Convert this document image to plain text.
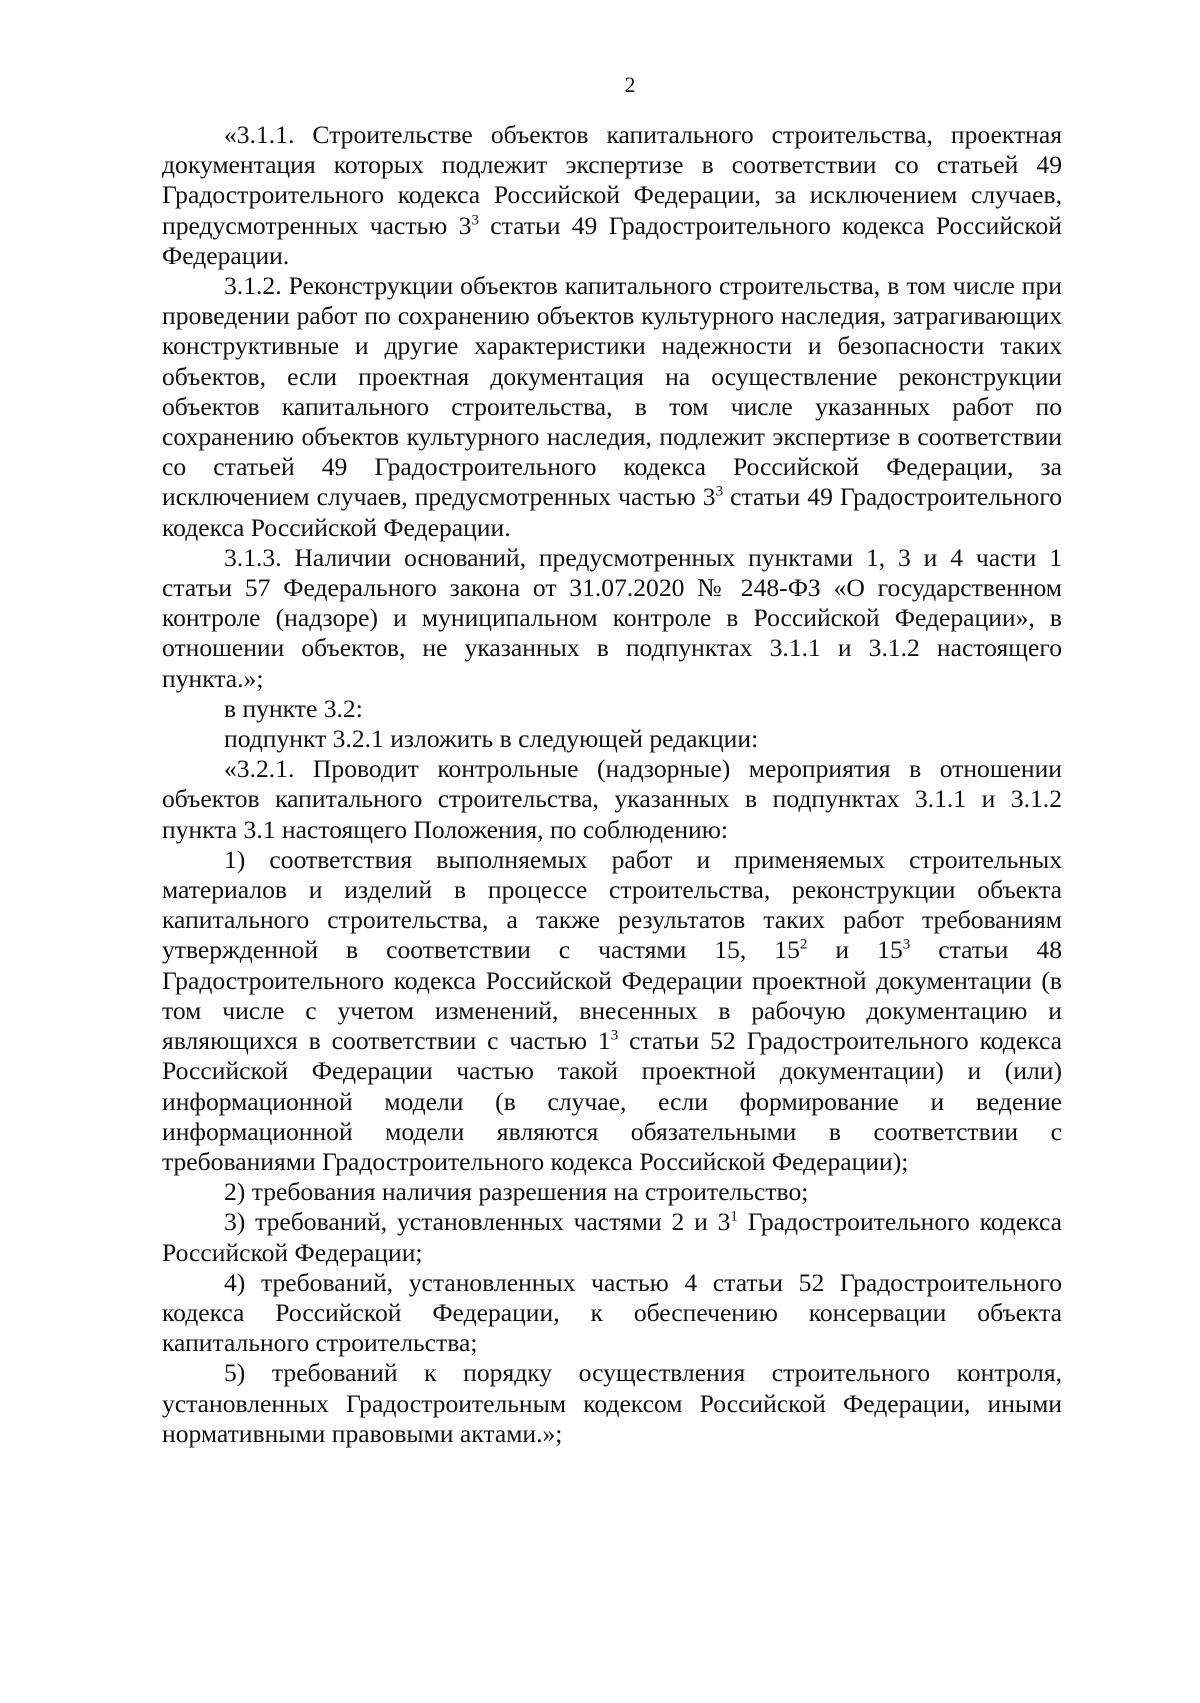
2

«3.1.1. Строительстве объектов капитального строительства, проектная документация которых подлежит экспертизе в соответствии со статьей 49 Градостроительного кодекса Российской Федерации, за исключением случаев, предусмотренных частью $3^3$ статьи 49 Градостроительного кодекса Российской Федерации.

3.1.2. Реконструкции объектов капитального строительства, в том числе при проведении работ по сохранению объектов культурного наследия, затрагивающих конструктивные и другие характеристики надежности и безопасности таких объектов, если проектная документация на осуществление реконструкции объектов капитального строительства, в том числе указанных работ по сохранению объектов культурного наследия, подлежит экспертизе в соответствии со статьей 49 Градостроительного кодекса Российской Федерации, за исключением случаев, предусмотренных частью $3^3$ статьи 49 Градостроительного кодекса Российской Федерации.

3.1.3. Наличии оснований, предусмотренных пунктами 1, 3 и 4 части 1 статьи 57 Федерального закона от 31.07.2020 № 248-ФЗ «О государственном контроле (надзоре) и муниципальном контроле в Российской Федерации», в отношении объектов, не указанных в подпунктах 3.1.1 и 3.1.2 настоящего пункта.»;

в пункте 3.2:

подпункт 3.2.1 изложить в следующей редакции:

«3.2.1. Проводит контрольные (надзорные) мероприятия в отношении объектов капитального строительства, указанных в подпунктах 3.1.1 и 3.1.2 пункта 3.1 настоящего Положения, по соблюдению:

1) соответствия выполняемых работ и применяемых строительных материалов и изделий в процессе строительства, реконструкции объекта капитального строительства, а также результатов таких работ требованиям утвержденной в соответствии с частями 15, $15^2$ и $15^3$ статьи 48 Градостроительного кодекса Российской Федерации проектной документации (в том числе с учетом изменений, внесенных в рабочую документацию и являющихся в соответствии с частью $1^3$ статьи 52 Градостроительного кодекса Российской Федерации частью такой проектной документации) и (или) информационной модели (в случае, если формирование и ведение информационной модели являются обязательными в соответствии с требованиями Градостроительного кодекса Российской Федерации);

2) требования наличия разрешения на строительство;

3) требований, установленных частями 2 и $3^1$ Градостроительного кодекса Российской Федерации;

4) требований, установленных частью 4 статьи 52 Градостроительного кодекса Российской Федерации, к обеспечению консервации объекта капитального строительства;

5) требований к порядку осуществления строительного контроля, установленных Градостроительным кодексом Российской Федерации, иными нормативными правовыми актами.»;
